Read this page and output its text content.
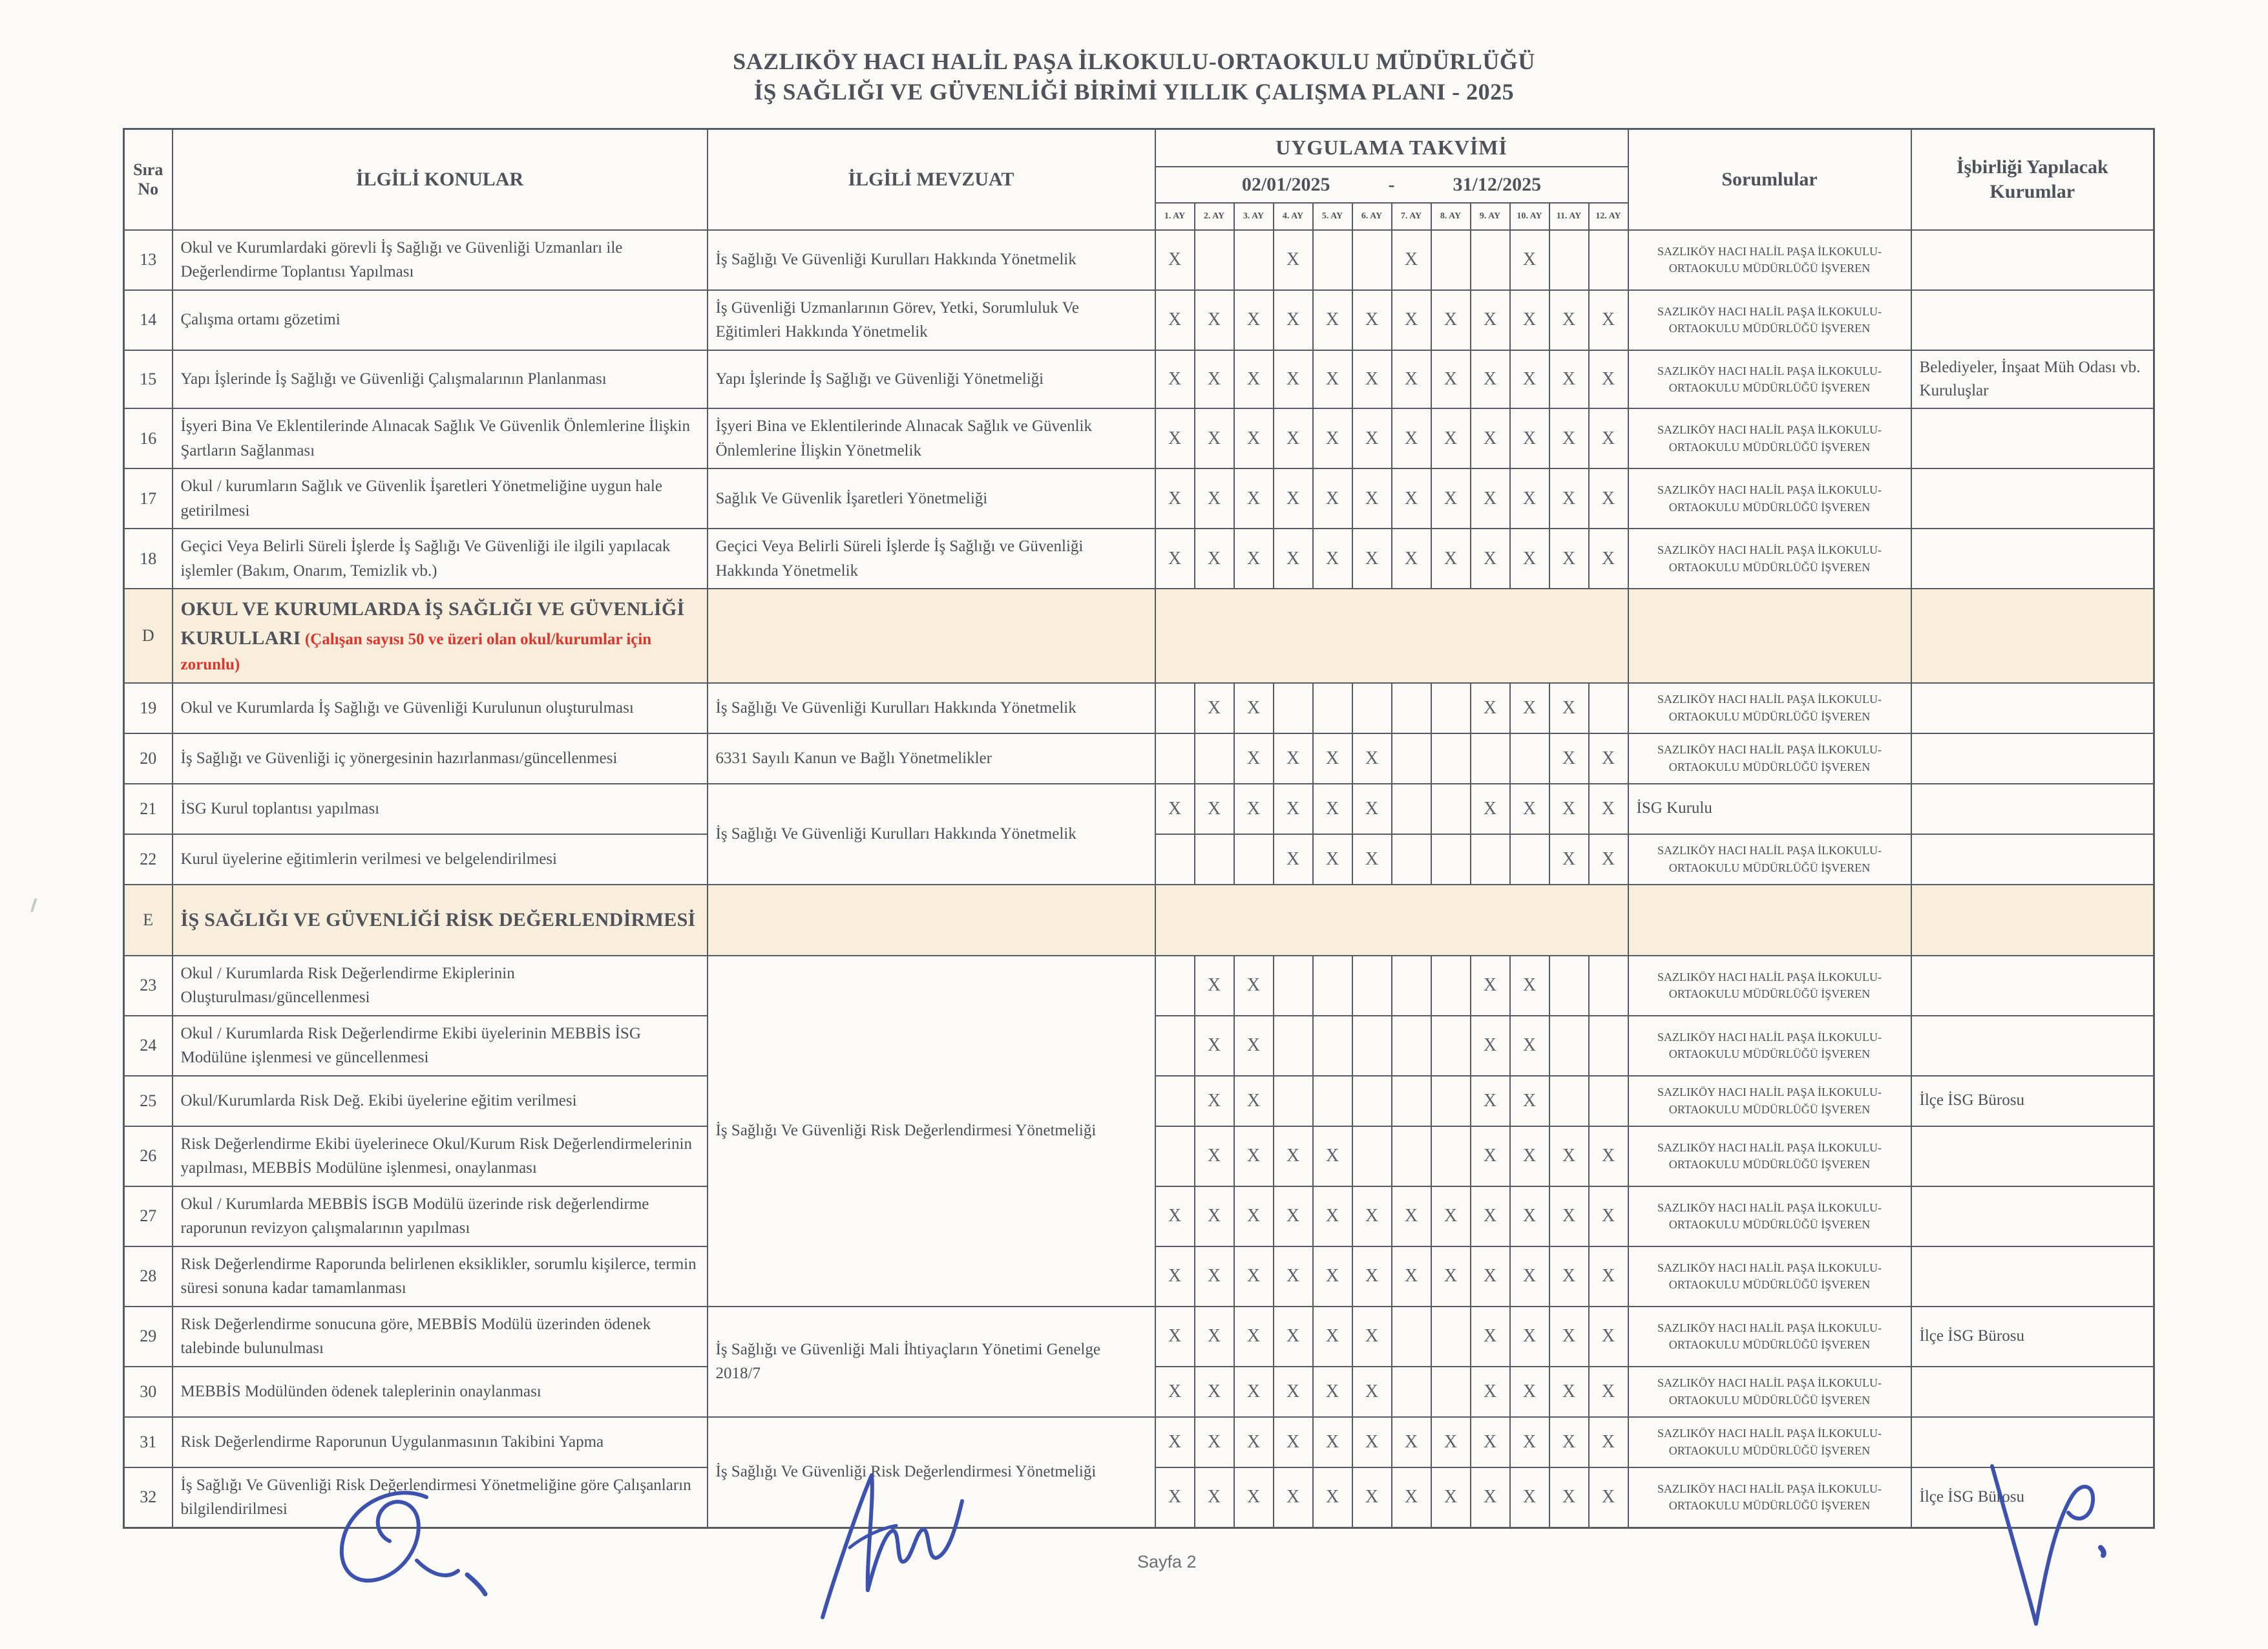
SAZLIKÖY HACI HALİL PAŞA İLKOKULU-ORTAOKULU MÜDÜRLÜĞÜ
İŞ SAĞLIĞI VE GÜVENLİĞİ BİRİMİ YILLIK ÇALIŞMA PLANI - 2025
Sıra No	İLGİLİ KONULAR	İLGİLİ MEVZUAT	UYGULAMA TAKVİMİ												Sorumlular	İşbirliği Yapılacak Kurumlar

			02/01/2025 - 31/12/2025													

			1. AY	2. AY	3. AY	4. AY	5. AY	6. AY	7. AY	8. AY	9. AY	10. AY	11. AY	12. AY		
13	Okul ve Kurumlardaki görevli İş Sağlığı ve Güvenliği Uzmanları ile Değerlendirme Toplantısı Yapılması	İş Sağlığı Ve Güvenliği Kurulları Hakkında Yönetmelik	X			X			X			X			SAZLIKÖY HACI HALİL PAŞA İLKOKULU-ORTAOKULU MÜDÜRLÜĞÜ İŞVEREN	
14	Çalışma ortamı gözetimi	İş Güvenliği Uzmanlarının Görev, Yetki, Sorumluluk Ve Eğitimleri Hakkında Yönetmelik	X	X	X	X	X	X	X	X	X	X	X	X	SAZLIKÖY HACI HALİL PAŞA İLKOKULU-ORTAOKULU MÜDÜRLÜĞÜ İŞVEREN	
15	Yapı İşlerinde İş Sağlığı ve Güvenliği Çalışmalarının Planlanması	Yapı İşlerinde İş Sağlığı ve Güvenliği Yönetmeliği	X	X	X	X	X	X	X	X	X	X	X	X	SAZLIKÖY HACI HALİL PAŞA İLKOKULU-ORTAOKULU MÜDÜRLÜĞÜ İŞVEREN	Belediyeler, İnşaat Müh Odası vb. Kuruluşlar
16	İşyeri Bina Ve Eklentilerinde Alınacak Sağlık Ve Güvenlik Önlemlerine İlişkin Şartların Sağlanması	İşyeri Bina ve Eklentilerinde Alınacak Sağlık ve Güvenlik Önlemlerine İlişkin Yönetmelik	X	X	X	X	X	X	X	X	X	X	X	X	SAZLIKÖY HACI HALİL PAŞA İLKOKULU-ORTAOKULU MÜDÜRLÜĞÜ İŞVEREN	
17	Okul / kurumların Sağlık ve Güvenlik İşaretleri Yönetmeliğine uygun hale getirilmesi	Sağlık Ve Güvenlik İşaretleri Yönetmeliği	X	X	X	X	X	X	X	X	X	X	X	X	SAZLIKÖY HACI HALİL PAŞA İLKOKULU-ORTAOKULU MÜDÜRLÜĞÜ İŞVEREN	
18	Geçici Veya Belirli Süreli İşlerde İş Sağlığı Ve Güvenliği ile ilgili yapılacak işlemler (Bakım, Onarım, Temizlik vb.)	Geçici Veya Belirli Süreli İşlerde İş Sağlığı ve Güvenliği Hakkında Yönetmelik	X	X	X	X	X	X	X	X	X	X	X	X	SAZLIKÖY HACI HALİL PAŞA İLKOKULU-ORTAOKULU MÜDÜRLÜĞÜ İŞVEREN	
D	OKUL VE KURUMLARDA İŞ SAĞLIĞI VE GÜVENLİĞİ KURULLARI (Çalışan sayısı 50 ve üzeri olan okul/kurumlar için zorunlu)															
19	Okul ve Kurumlarda İş Sağlığı ve Güvenliği Kurulunun oluşturulması	İş Sağlığı Ve Güvenliği Kurulları Hakkında Yönetmelik		X	X						X	X	X		SAZLIKÖY HACI HALİL PAŞA İLKOKULU-ORTAOKULU MÜDÜRLÜĞÜ İŞVEREN	
20	İş Sağlığı ve Güvenliği iç yönergesinin hazırlanması/güncellenmesi	6331 Sayılı Kanun ve Bağlı Yönetmelikler			X	X	X	X					X	X	SAZLIKÖY HACI HALİL PAŞA İLKOKULU-ORTAOKULU MÜDÜRLÜĞÜ İŞVEREN	
21	İSG Kurul toplantısı yapılması	İş Sağlığı Ve Güvenliği Kurulları Hakkında Yönetmelik	X	X	X	X	X	X			X	X	X	X	İSG Kurulu	
22	Kurul üyelerine eğitimlerin verilmesi ve belgelendirilmesi					X	X	X					X	X	SAZLIKÖY HACI HALİL PAŞA İLKOKULU-ORTAOKULU MÜDÜRLÜĞÜ İŞVEREN	
E	İŞ SAĞLIĞI VE GÜVENLİĞİ RİSK DEĞERLENDİRMESİ															
23	Okul / Kurumlarda Risk Değerlendirme Ekiplerinin Oluşturulması/güncellenmesi	İş Sağlığı Ve Güvenliği Risk Değerlendirmesi Yönetmeliği		X	X						X	X			SAZLIKÖY HACI HALİL PAŞA İLKOKULU-ORTAOKULU MÜDÜRLÜĞÜ İŞVEREN	
24	Okul / Kurumlarda Risk Değerlendirme Ekibi üyelerinin MEBBİS İSG Modülüne işlenmesi ve güncellenmesi			X	X						X	X			SAZLIKÖY HACI HALİL PAŞA İLKOKULU-ORTAOKULU MÜDÜRLÜĞÜ İŞVEREN	
25	Okul/Kurumlarda Risk Değ. Ekibi üyelerine eğitim verilmesi			X	X						X	X			SAZLIKÖY HACI HALİL PAŞA İLKOKULU-ORTAOKULU MÜDÜRLÜĞÜ İŞVEREN	İlçe İSG Bürosu
26	Risk Değerlendirme Ekibi üyelerinece Okul/Kurum Risk Değerlendirmelerinin yapılması, MEBBİS Modülüne işlenmesi, onaylanması			X	X	X	X				X	X	X	X	SAZLIKÖY HACI HALİL PAŞA İLKOKULU-ORTAOKULU MÜDÜRLÜĞÜ İŞVEREN	
27	Okul / Kurumlarda MEBBİS İSGB Modülü üzerinde risk değerlendirme raporunun revizyon çalışmalarının yapılması		X	X	X	X	X	X	X	X	X	X	X	X	SAZLIKÖY HACI HALİL PAŞA İLKOKULU-ORTAOKULU MÜDÜRLÜĞÜ İŞVEREN	
28	Risk Değerlendirme Raporunda belirlenen eksiklikler, sorumlu kişilerce, termin süresi sonuna kadar tamamlanması		X	X	X	X	X	X	X	X	X	X	X	X	SAZLIKÖY HACI HALİL PAŞA İLKOKULU-ORTAOKULU MÜDÜRLÜĞÜ İŞVEREN	
29	Risk Değerlendirme sonucuna göre, MEBBİS Modülü üzerinden ödenek talebinde bulunulması	İş Sağlığı ve Güvenliği Mali İhtiyaçların Yönetimi Genelge 2018/7	X	X	X	X	X	X			X	X	X	X	SAZLIKÖY HACI HALİL PAŞA İLKOKULU-ORTAOKULU MÜDÜRLÜĞÜ İŞVEREN	İlçe İSG Bürosu
30	MEBBİS Modülünden ödenek taleplerinin onaylanması		X	X	X	X	X	X			X	X	X	X	SAZLIKÖY HACI HALİL PAŞA İLKOKULU-ORTAOKULU MÜDÜRLÜĞÜ İŞVEREN	
31	Risk Değerlendirme Raporunun Uygulanmasının Takibini Yapma	İş Sağlığı Ve Güvenliği Risk Değerlendirmesi Yönetmeliği	X	X	X	X	X	X	X	X	X	X	X	X	SAZLIKÖY HACI HALİL PAŞA İLKOKULU-ORTAOKULU MÜDÜRLÜĞÜ İŞVEREN	
32	İş Sağlığı Ve Güvenliği Risk Değerlendirmesi Yönetmeliğine göre Çalışanların bilgilendirilmesi		X	X	X	X	X	X	X	X	X	X	X	X	SAZLIKÖY HACI HALİL PAŞA İLKOKULU-ORTAOKULU MÜDÜRLÜĞÜ İŞVEREN	İlçe İSG Bürosu
Sayfa 2
